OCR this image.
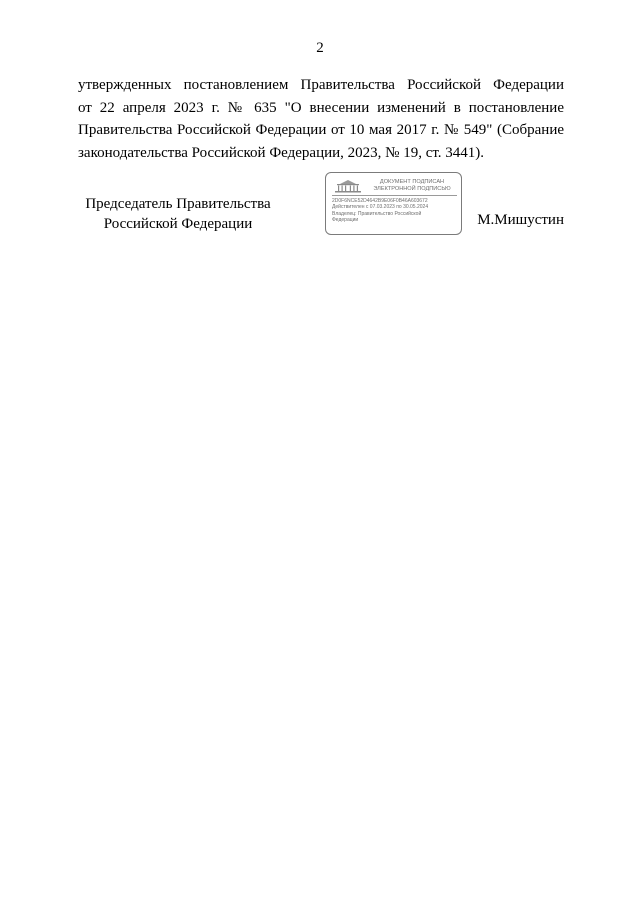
2
утвержденных постановлением Правительства Российской Федерации
от 22 апреля 2023 г. № 635 "О внесении изменений в постановление
Правительства Российской Федерации от 10 мая 2017 г. № 549" (Собрание
законодательства Российской Федерации, 2023, № 19, ст. 3441).
Председатель Правительства
Российской Федерации
ДОКУМЕНТ ПОДПИСАН
ЭЛЕКТРОННОЙ ПОДПИСЬЮ
2D0F6NCE52D4642B9E06F0B46A603672
Действителен с 07.03.2023 по 30.05.2024
Владелец: Правительство Российской
Федерации	М.Мишустин
